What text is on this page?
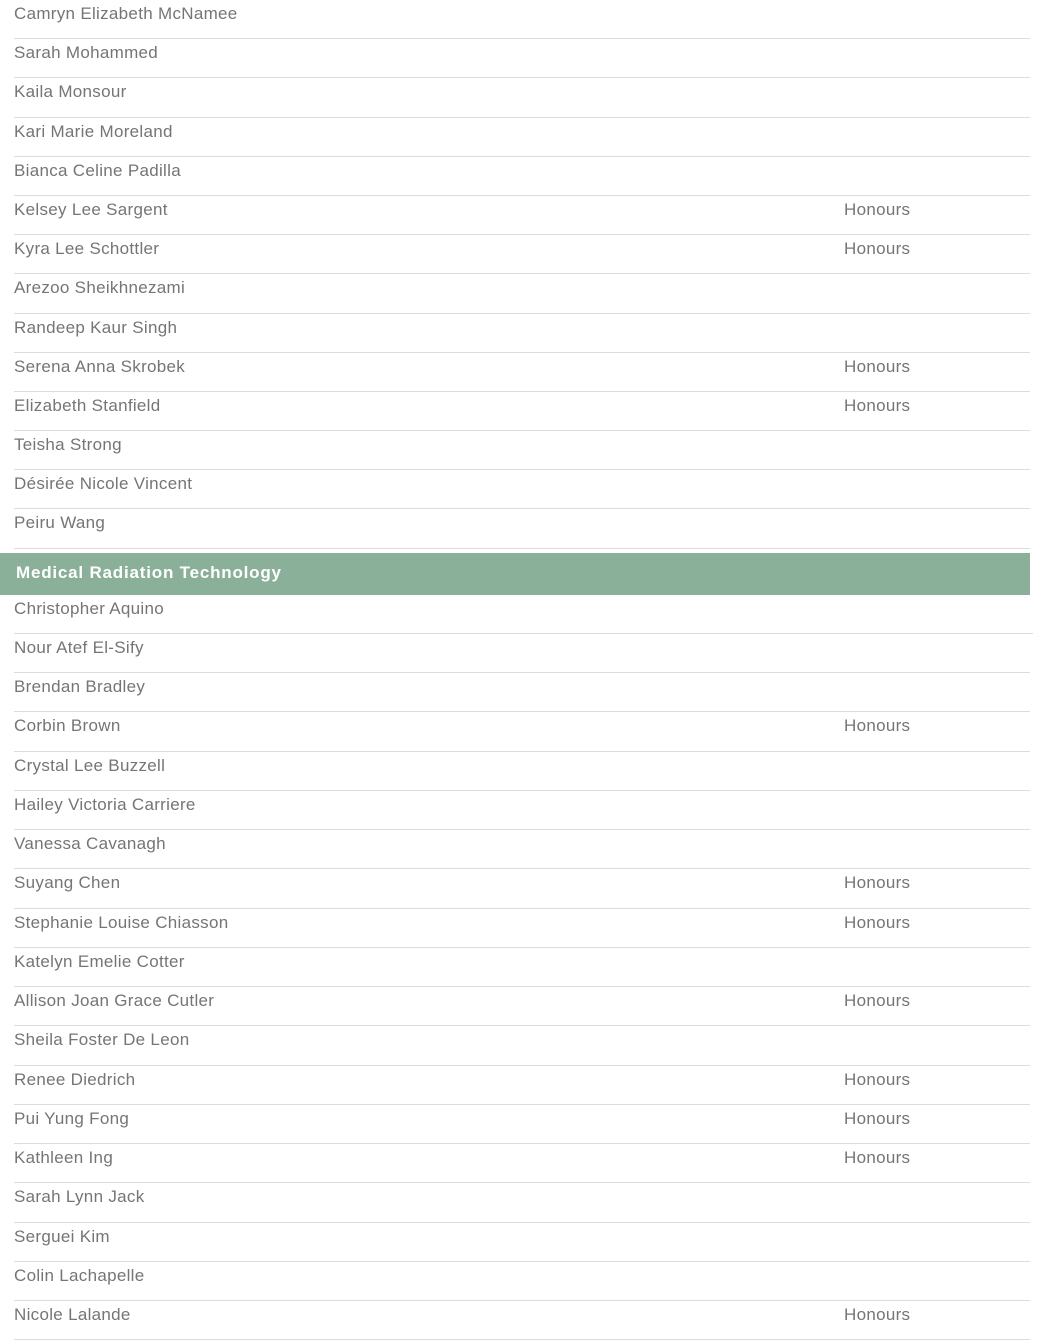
Camryn Elizabeth McNamee
Sarah Mohammed
Kaila Monsour
Kari Marie Moreland
Bianca Celine Padilla
Kelsey Lee Sargent	Honours
Kyra Lee Schottler	Honours
Arezoo Sheikhnezami
Randeep Kaur Singh
Serena Anna Skrobek	Honours
Elizabeth Stanfield	Honours
Teisha Strong
Désirée Nicole Vincent
Peiru Wang
Medical Radiation Technology
Christopher Aquino
Nour Atef El-Sify
Brendan Bradley
Corbin Brown	Honours
Crystal Lee Buzzell
Hailey Victoria Carriere
Vanessa Cavanagh
Suyang Chen	Honours
Stephanie Louise Chiasson	Honours
Katelyn Emelie Cotter
Allison Joan Grace Cutler	Honours
Sheila Foster De Leon
Renee Diedrich	Honours
Pui Yung Fong	Honours
Kathleen Ing	Honours
Sarah Lynn Jack
Serguei Kim
Colin Lachapelle
Nicole Lalande	Honours
